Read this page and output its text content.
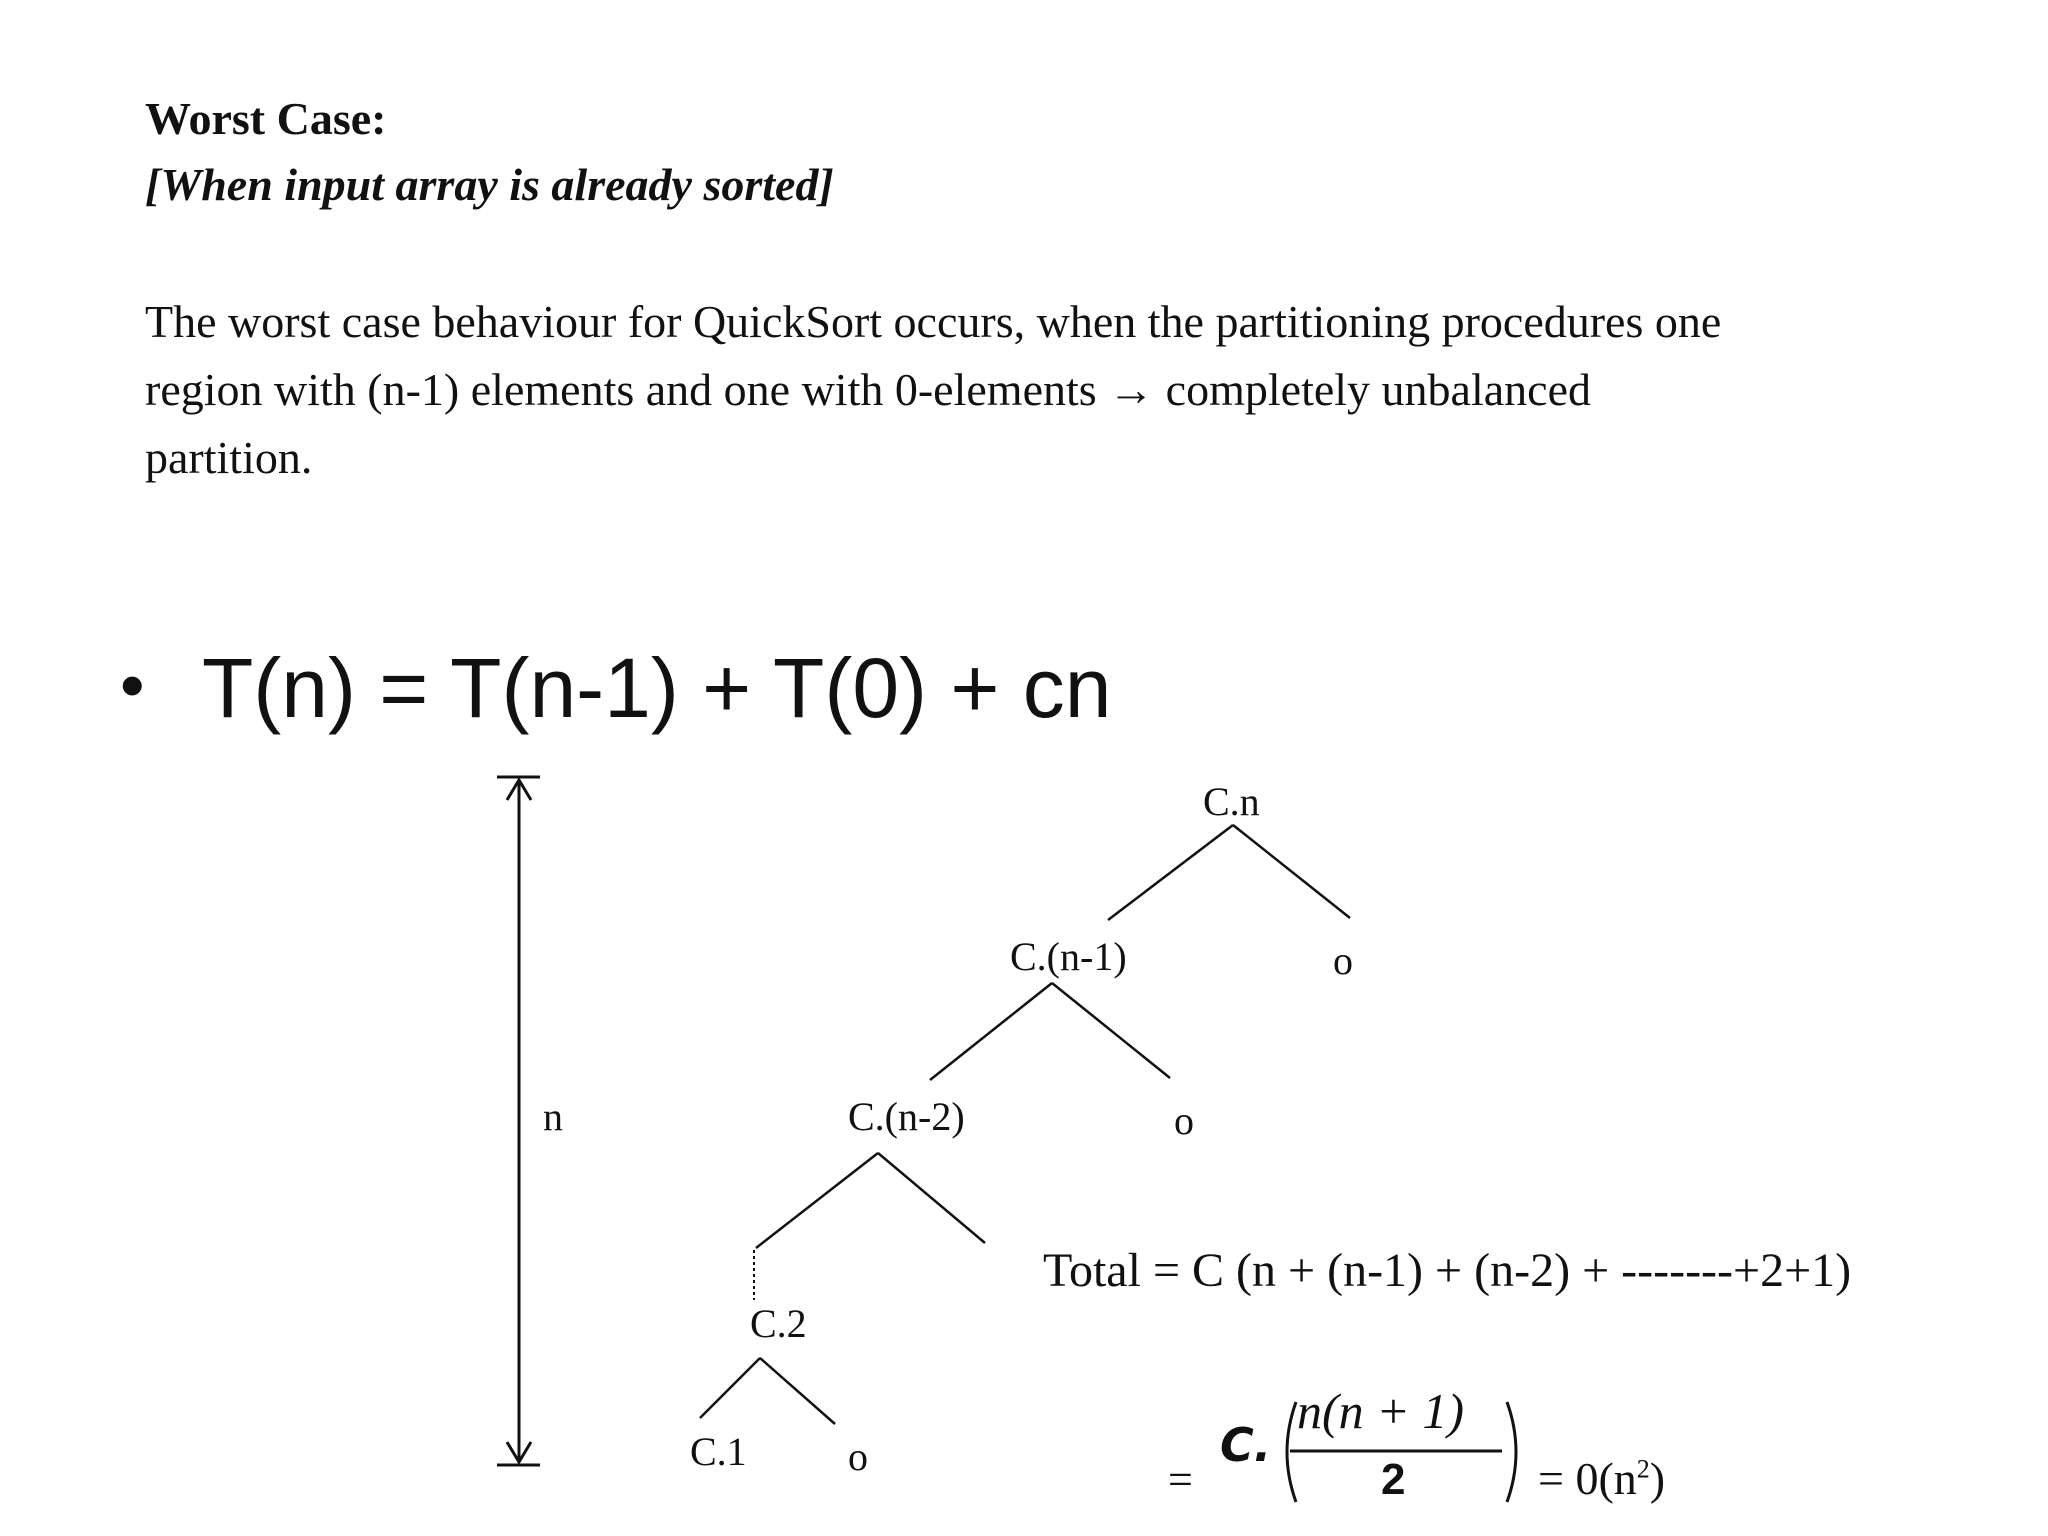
Worst Case:
[When input array is already sorted]
The worst case behaviour for QuickSort occurs, when the partitioning procedures one
region with (n-1) elements and one with 0-elements → completely unbalanced
partition.
• T(n) = T(n-1) + T(0) + cn
C.n
C.(n-1)	o
C.(n-2)	o
C.2
C.1	o
n
Total = C (n + (n-1) + (n-2) + -------+2+1)
=
C.
n(n + 1)
2	= $0(n^2)$
